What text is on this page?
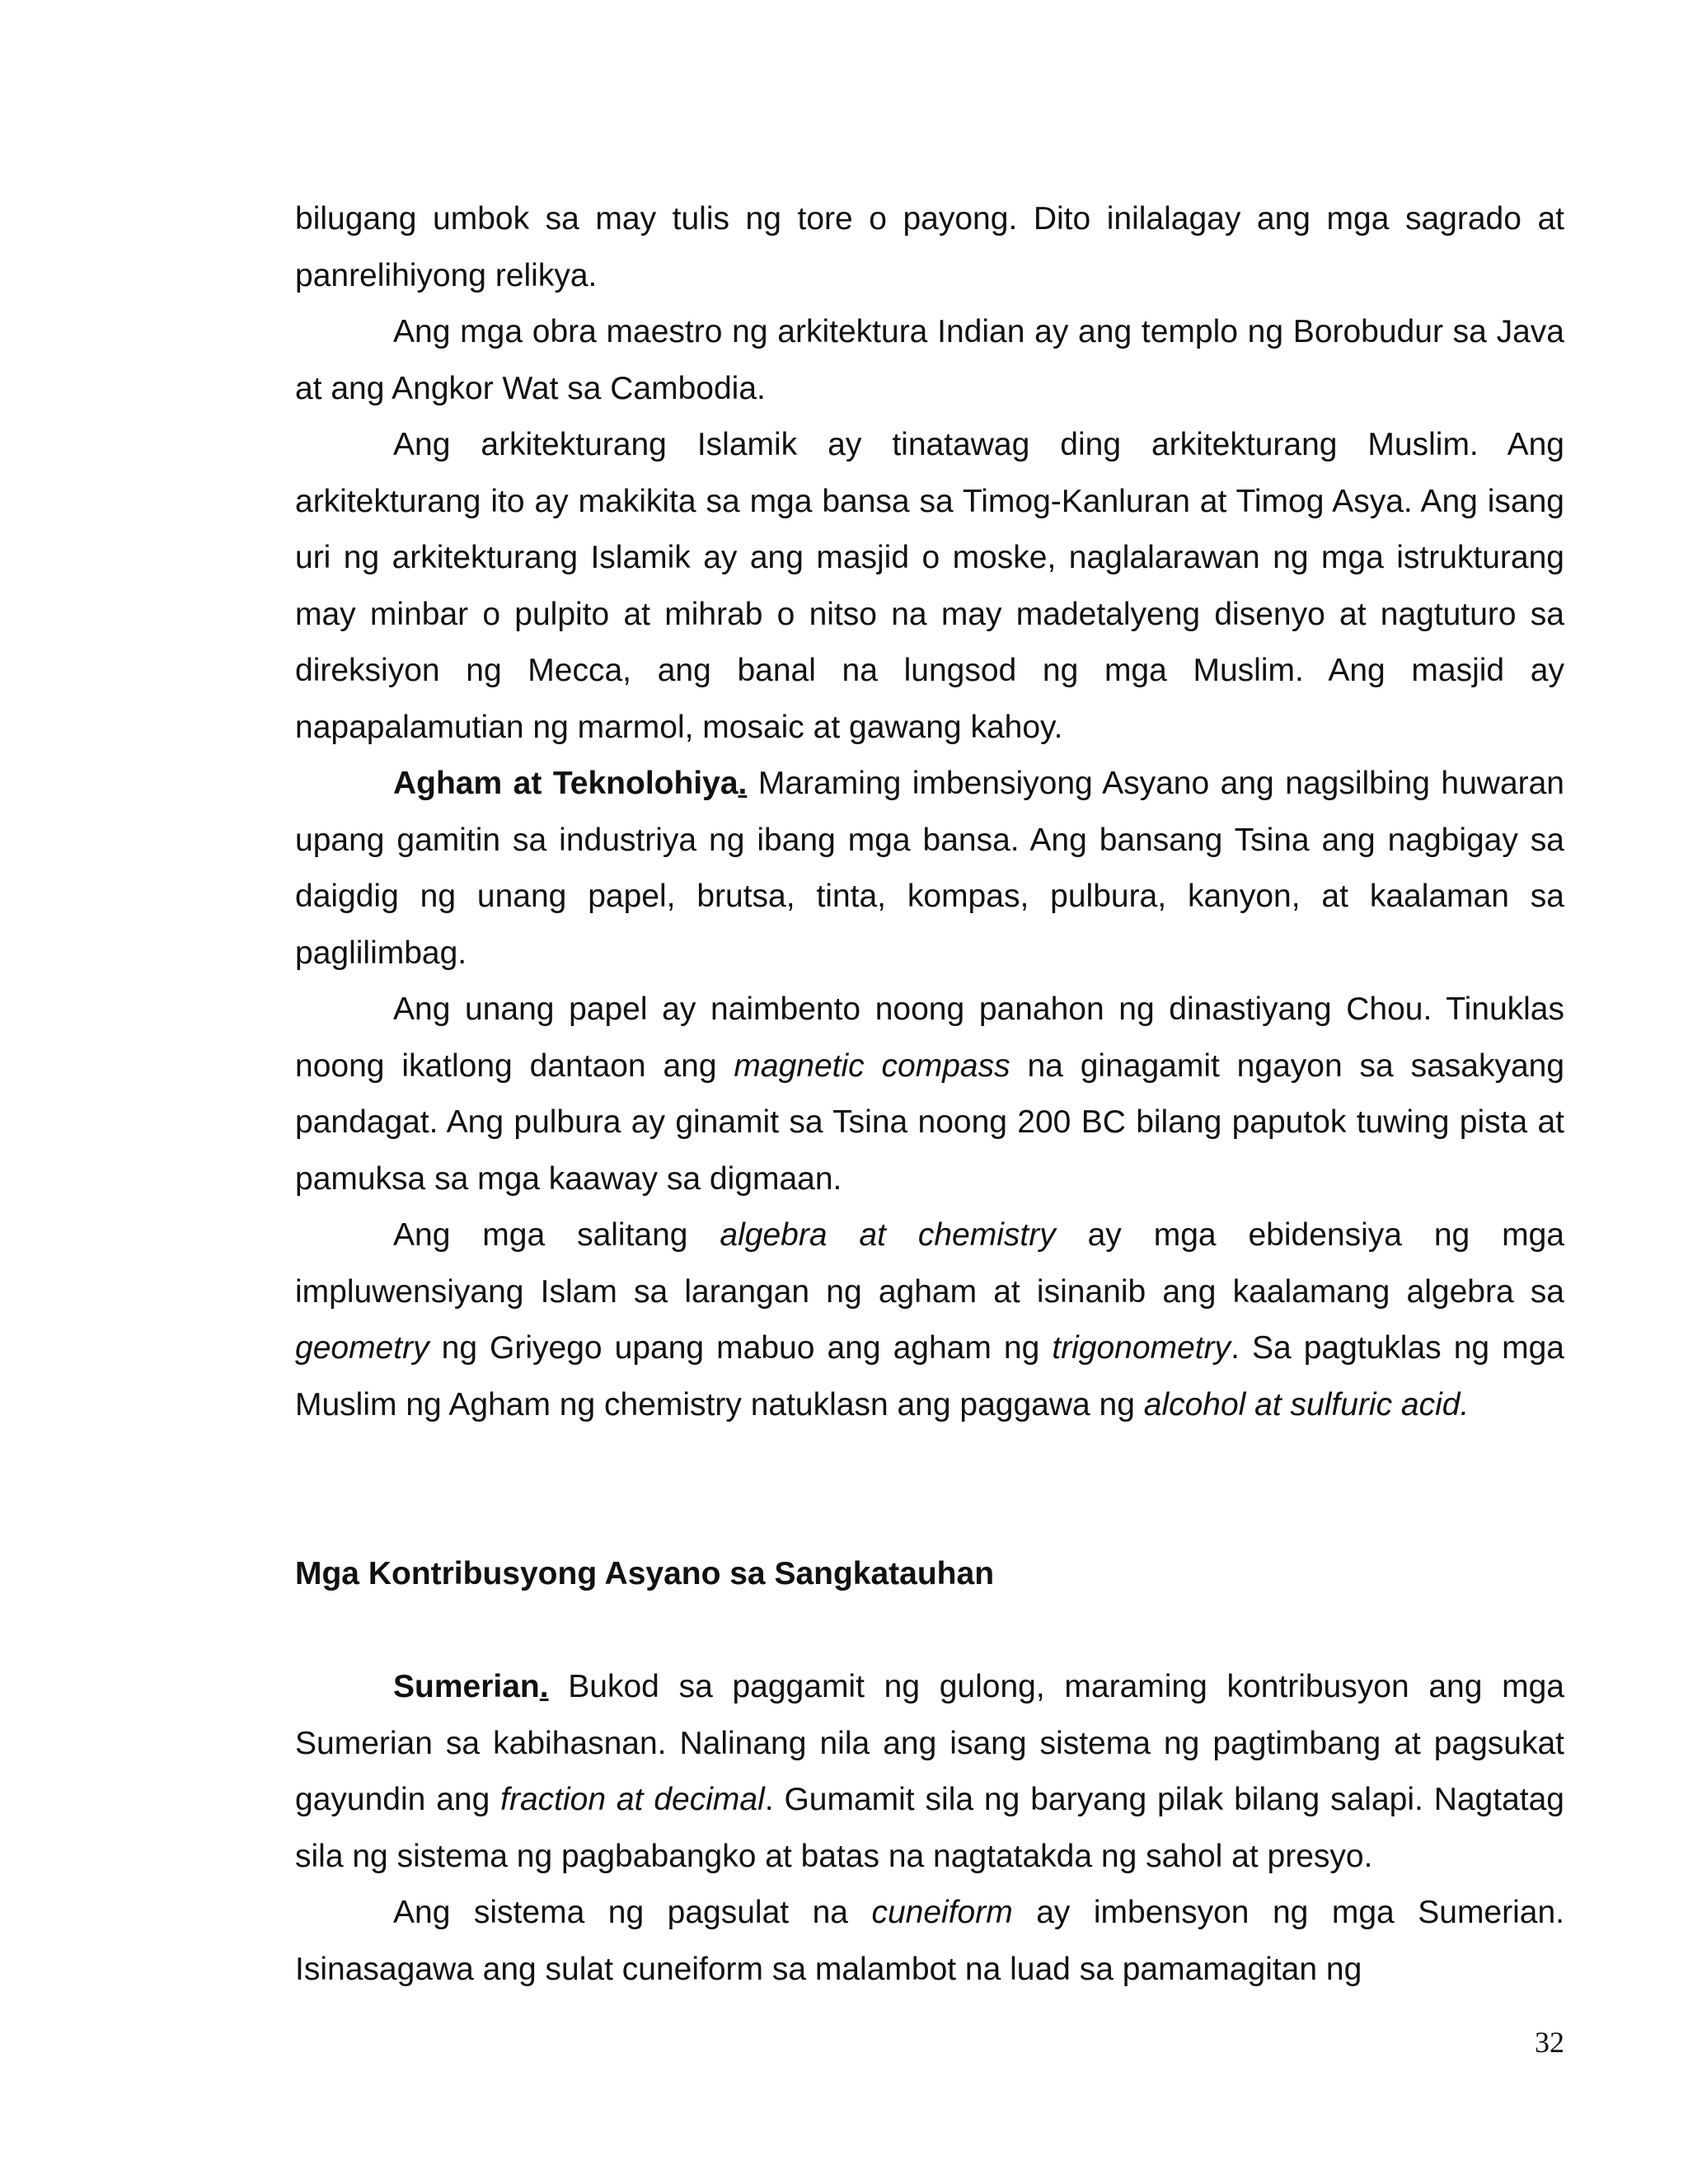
bilugang umbok sa may tulis ng tore o payong. Dito inilalagay ang mga sagrado at panrelihiyong relikya.

Ang mga obra maestro ng arkitektura Indian ay ang templo ng Borobudur sa Java at ang Angkor Wat sa Cambodia.

Ang arkitekturang Islamik ay tinatawag ding arkitekturang Muslim. Ang arkitekturang ito ay makikita sa mga bansa sa Timog-Kanluran at Timog Asya. Ang isang uri ng arkitekturang Islamik ay ang masjid o moske, naglalarawan ng mga istrukturang may minbar o pulpito at mihrab o nitso na may madetalyeng disenyo at nagtuturo sa direksiyon ng Mecca, ang banal na lungsod ng mga Muslim. Ang masjid ay napapalamutian ng marmol, mosaic at gawang kahoy.

Agham at Teknolohiya. Maraming imbensiyong Asyano ang nagsilbing huwaran upang gamitin sa industriya ng ibang mga bansa. Ang bansang Tsina ang nagbigay sa daigdig ng unang papel, brutsa, tinta, kompas, pulbura, kanyon, at kaalaman sa paglilimbag.

Ang unang papel ay naimbento noong panahon ng dinastiyang Chou. Tinuklas noong ikatlong dantaon ang magnetic compass na ginagamit ngayon sa sasakyang pandagat. Ang pulbura ay ginamit sa Tsina noong 200 BC bilang paputok tuwing pista at pamuksa sa mga kaaway sa digmaan.

Ang mga salitang algebra at chemistry ay mga ebidensiya ng mga impluwensiyang Islam sa larangan ng agham at isinanib ang kaalamang algebra sa geometry ng Griyego upang mabuo ang agham ng trigonometry. Sa pagtuklas ng mga Muslim ng Agham ng chemistry natuklasn ang paggawa ng alcohol at sulfuric acid.

Mga Kontribusyong Asyano sa Sangkatauhan

Sumerian. Bukod sa paggamit ng gulong, maraming kontribusyon ang mga Sumerian sa kabihasnan. Nalinang nila ang isang sistema ng pagtimbang at pagsukat gayundin ang fraction at decimal. Gumamit sila ng baryang pilak bilang salapi. Nagtatag sila ng sistema ng pagbabangko at batas na nagtatakda ng sahol at presyo.

Ang sistema ng pagsulat na cuneiform ay imbensyon ng mga Sumerian. Isinasagawa ang sulat cuneiform sa malambot na luad sa pamamagitan ng

32
